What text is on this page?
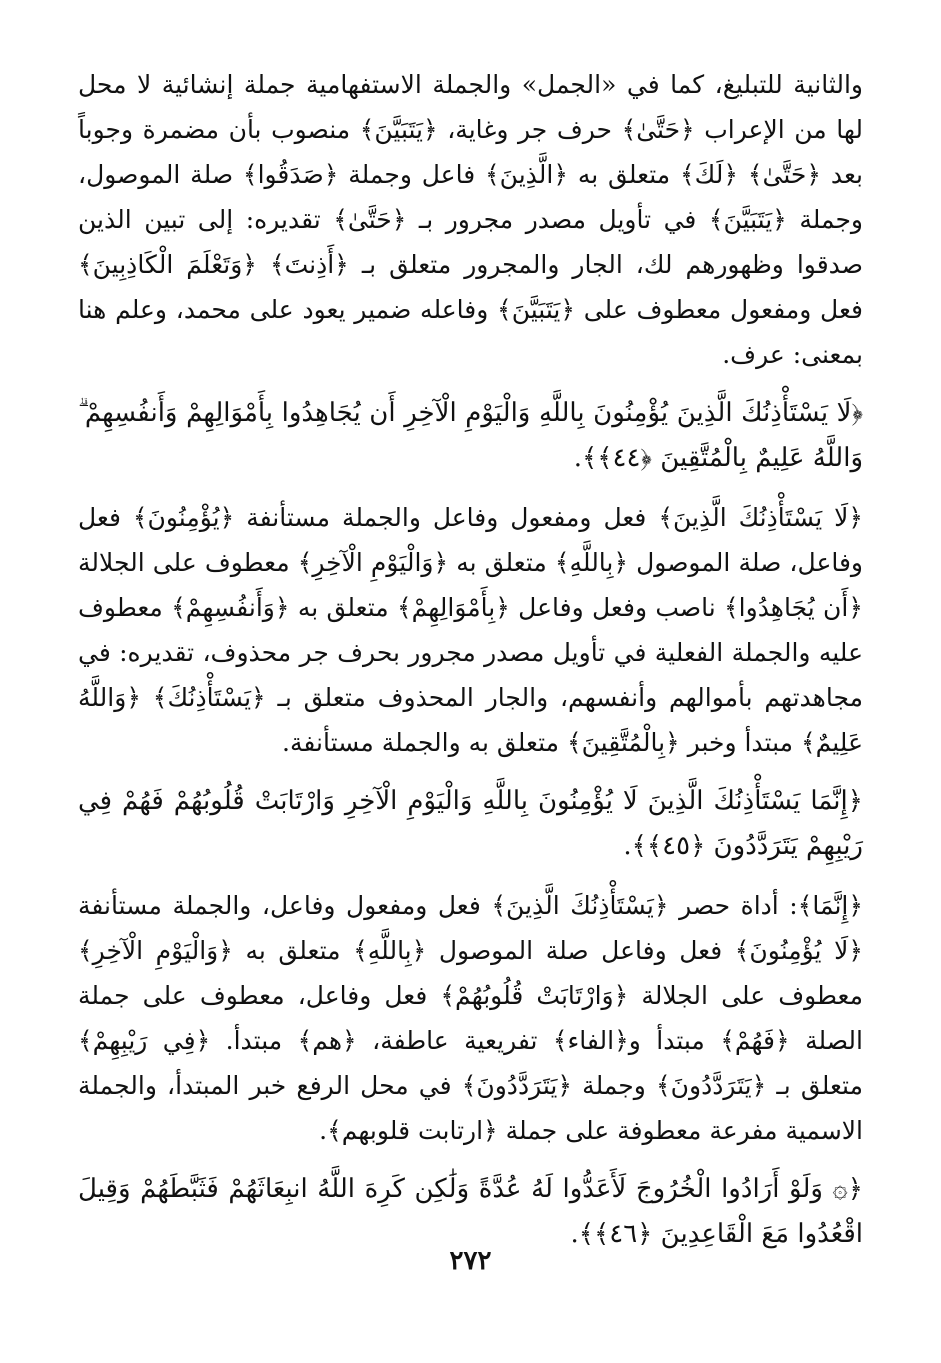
والثانية للتبليغ، كما في «الجمل» والجملة الاستفهامية جملة إنشائية لا محل لها من الإعراب ﴿حَتَّىٰ﴾ حرف جر وغاية، ﴿يَتَبَيَّنَ﴾ منصوب بأن مضمرة وجوباً بعد ﴿حَتَّىٰ﴾ ﴿لَكَ﴾ متعلق به ﴿الَّذِينَ﴾ فاعل وجملة ﴿صَدَقُوا﴾ صلة الموصول، وجملة ﴿يَتَبَيَّنَ﴾ في تأويل مصدر مجرور بـ ﴿حَتَّىٰ﴾ تقديره: إلى تبين الذين صدقوا وظهورهم لك، الجار والمجرور متعلق بـ ﴿أَذِنتَ﴾ ﴿وَتَعْلَمَ الْكَاذِبِينَ﴾ فعل ومفعول معطوف على ﴿يَتَبَيَّنَ﴾ وفاعله ضمير يعود على محمد، وعلم هنا بمعنى: عرف.

﴿لَا يَسْتَأْذِنُكَ الَّذِينَ يُؤْمِنُونَ بِاللَّهِ وَالْيَوْمِ الْآخِرِ أَن يُجَاهِدُوا بِأَمْوَالِهِمْ وَأَنفُسِهِمْ ۗ وَاللَّهُ عَلِيمٌ بِالْمُتَّقِينَ ﴿٤٤﴾﴾.

﴿لَا يَسْتَأْذِنُكَ الَّذِينَ﴾ فعل ومفعول وفاعل والجملة مستأنفة ﴿يُؤْمِنُونَ﴾ فعل وفاعل، صلة الموصول ﴿بِاللَّهِ﴾ متعلق به ﴿وَالْيَوْمِ الْآخِرِ﴾ معطوف على الجلالة ﴿أَن يُجَاهِدُوا﴾ ناصب وفعل وفاعل ﴿بِأَمْوَالِهِمْ﴾ متعلق به ﴿وَأَنفُسِهِمْ﴾ معطوف عليه والجملة الفعلية في تأويل مصدر مجرور بحرف جر محذوف، تقديره: في مجاهدتهم بأموالهم وأنفسهم، والجار المحذوف متعلق بـ ﴿يَسْتَأْذِنُكَ﴾ ﴿وَاللَّهُ عَلِيمٌ﴾ مبتدأ وخبر ﴿بِالْمُتَّقِينَ﴾ متعلق به والجملة مستأنفة.

﴿إِنَّمَا يَسْتَأْذِنُكَ الَّذِينَ لَا يُؤْمِنُونَ بِاللَّهِ وَالْيَوْمِ الْآخِرِ وَارْتَابَتْ قُلُوبُهُمْ فَهُمْ فِي رَيْبِهِمْ يَتَرَدَّدُونَ ﴿٤٥﴾﴾.

﴿إِنَّمَا﴾: أداة حصر ﴿يَسْتَأْذِنُكَ الَّذِينَ﴾ فعل ومفعول وفاعل، والجملة مستأنفة ﴿لَا يُؤْمِنُونَ﴾ فعل وفاعل صلة الموصول ﴿بِاللَّهِ﴾ متعلق به ﴿وَالْيَوْمِ الْآخِرِ﴾ معطوف على الجلالة ﴿وَارْتَابَتْ قُلُوبُهُمْ﴾ فعل وفاعل، معطوف على جملة الصلة ﴿فَهُمْ﴾ مبتدأ و﴿الفاء﴾ تفريعية عاطفة، ﴿هم﴾ مبتدأ. ﴿فِي رَيْبِهِمْ﴾ متعلق بـ ﴿يَتَرَدَّدُونَ﴾ وجملة ﴿يَتَرَدَّدُونَ﴾ في محل الرفع خبر المبتدأ، والجملة الاسمية مفرعة معطوفة على جملة ﴿ارتابت قلوبهم﴾.

﴿۞ وَلَوْ أَرَادُوا الْخُرُوجَ لَأَعَدُّوا لَهُ عُدَّةً وَلَٰكِن كَرِهَ اللَّهُ انبِعَاثَهُمْ فَثَبَّطَهُمْ وَقِيلَ اقْعُدُوا مَعَ الْقَاعِدِينَ ﴿٤٦﴾﴾.

٢٧٢
